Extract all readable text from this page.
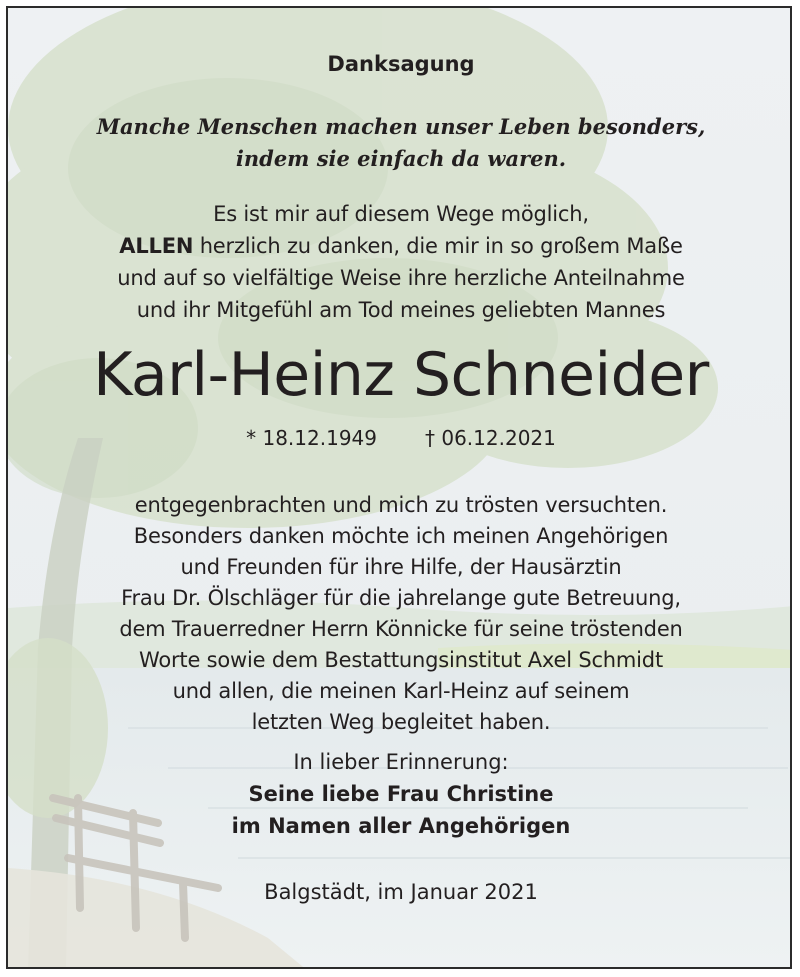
Danksagung
Manche Menschen machen unser Leben besonders,
indem sie einfach da waren.
Es ist mir auf diesem Wege möglich,
ALLEN herzlich zu danken, die mir in so großem Maße
und auf so vielfältige Weise ihre herzliche Anteilnahme
und ihr Mitgefühl am Tod meines geliebten Mannes
Karl-Heinz Schneider
* 18.12.1949 † 06.12.2021
entgegenbrachten und mich zu trösten versuchten.
Besonders danken möchte ich meinen Angehörigen
und Freunden für ihre Hilfe, der Hausärztin
Frau Dr. Ölschläger für die jahrelange gute Betreuung,
dem Trauerredner Herrn Könnicke für seine tröstenden
Worte sowie dem Bestattungsinstitut Axel Schmidt
und allen, die meinen Karl-Heinz auf seinem
letzten Weg begleitet haben.
In lieber Erinnerung:
Seine liebe Frau Christine
im Namen aller Angehörigen
Balgstädt, im Januar 2021
